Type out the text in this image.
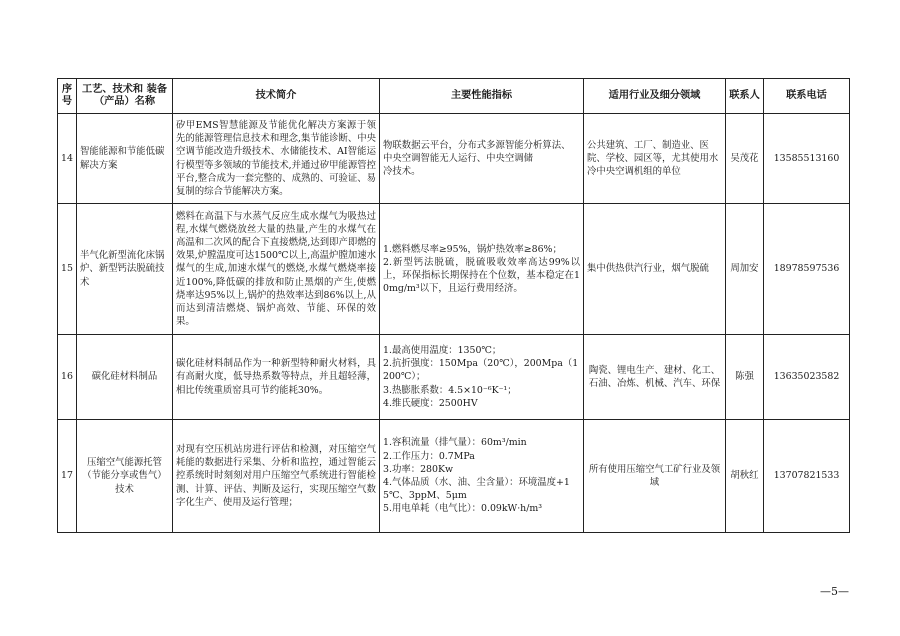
序号	工艺、技术和 装备（产品）名称	技术简介	主要性能指标	适用行业及细分领域	联系人	联系电话
14	智能能源和节能低碳解决方案	矽甲EMS智慧能源及节能优化解决方案源于领先的能源管理信息技术和理念,集节能诊断、中央空调节能改造升级技术、水储能技术、AI智能运行模型等多领域的节能技术,并通过矽甲能源管控平台,整合成为一套完整的、成熟的、可验证、易复制的综合节能解决方案。	物联数据云平台，分布式多源智能分析算法、
中央空调智能无人运行、中央空调储
冷技术。	公共建筑、工厂、制造业、医院、学校、园区等，尤其使用水冷中央空调机组的单位	吴茂花	13585513160
15	半气化新型流化床锅炉、新型钙法脱硫技术	燃料在高温下与水蒸气反应生成水煤气为吸热过程,水煤气燃烧放丝大量的热量,产生的水煤气在高温和二次风的配合下直接燃烧,达到即产即燃的效果,炉膛温度可达1500℃以上,高温炉膛加速水煤气的生成,加速水煤气的燃烧,水煤气燃烧率接近100%,降低碳的排放和防止黑烟的产生,使燃烧率达95%以上,锅炉的热效率达到86%以上,从而达到清洁燃烧、锅炉高效、节能、环保的效果。	1.燃料燃尽率≥95%，锅炉热效率≥86%；
2.新型钙法脱硫，脱硫吸收效率高达99%以上，环保指标长期保持在个位数，基本稳定在10mg/m³以下，且运行费用经济。	集中供热供汽行业，烟气脱硫	周加安	18978597536
16	碳化硅材料制品	碳化硅材料制品作为一种新型特种耐火材料，具有高耐火度，低导热系数等特点，并且超轻薄，相比传统重质窑具可节约能耗30%。	1.最高使用温度：1350℃；
2.抗折强度：150Mpa（20℃），200Mpa（1200℃）；
3.热膨胀系数：4.5×10⁻⁶K⁻¹；
4.维氏硬度：2500HV	陶瓷、锂电生产、建材、化工、石油、冶炼、机械、汽车、环保	陈强	13635023582
17	压缩空气能源托管（节能分享或售气）技术	对现有空压机站房进行评估和检测，对压缩空气耗能的数据进行采集、分析和监控，通过智能云控系统时时刻刻对用户压缩空气系统进行智能检测、计算、评估、判断及运行，实现压缩空气数字化生产、使用及运行管理；	1.容积流量（排气量）：60m³/min
2.工作压力：0.7MPa
3.功率：280Kw
4.气体品质（水、油、尘含量）：环境温度+15℃、3ppM、5μm
5.用电单耗（电气比）：0.09kW·h/m³	所有使用压缩空气工矿行业及领域	胡秋红	13707821533
—5—
